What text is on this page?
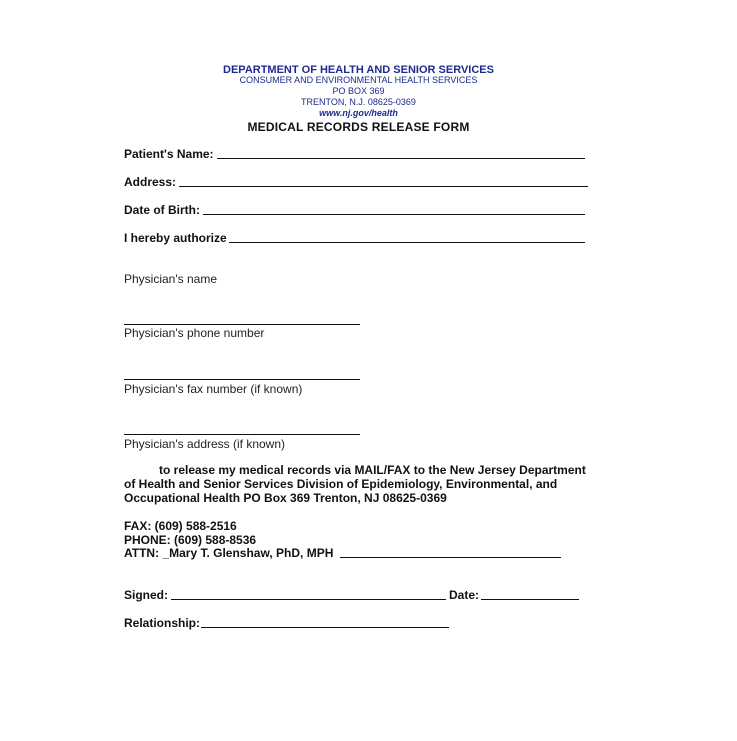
DEPARTMENT OF HEALTH AND SENIOR SERVICES
CONSUMER AND ENVIRONMENTAL HEALTH SERVICES
PO BOX 369
TRENTON, N.J. 08625-0369
www.nj.gov/health
MEDICAL RECORDS RELEASE FORM
Patient's Name:
Address:
Date of Birth:
I hereby authorize
Physician's name
Physician's phone number
Physician's fax number (if known)
Physician's address (if known)
to release my medical records via MAIL/FAX to the New Jersey Department
of Health and Senior Services Division of Epidemiology, Environmental, and
Occupational Health PO Box 369 Trenton, NJ 08625-0369
FAX: (609) 588-2516
PHONE: (609) 588-8536
ATTN: _Mary T. Glenshaw, PhD, MPH
Signed:	Date:
Relationship:
